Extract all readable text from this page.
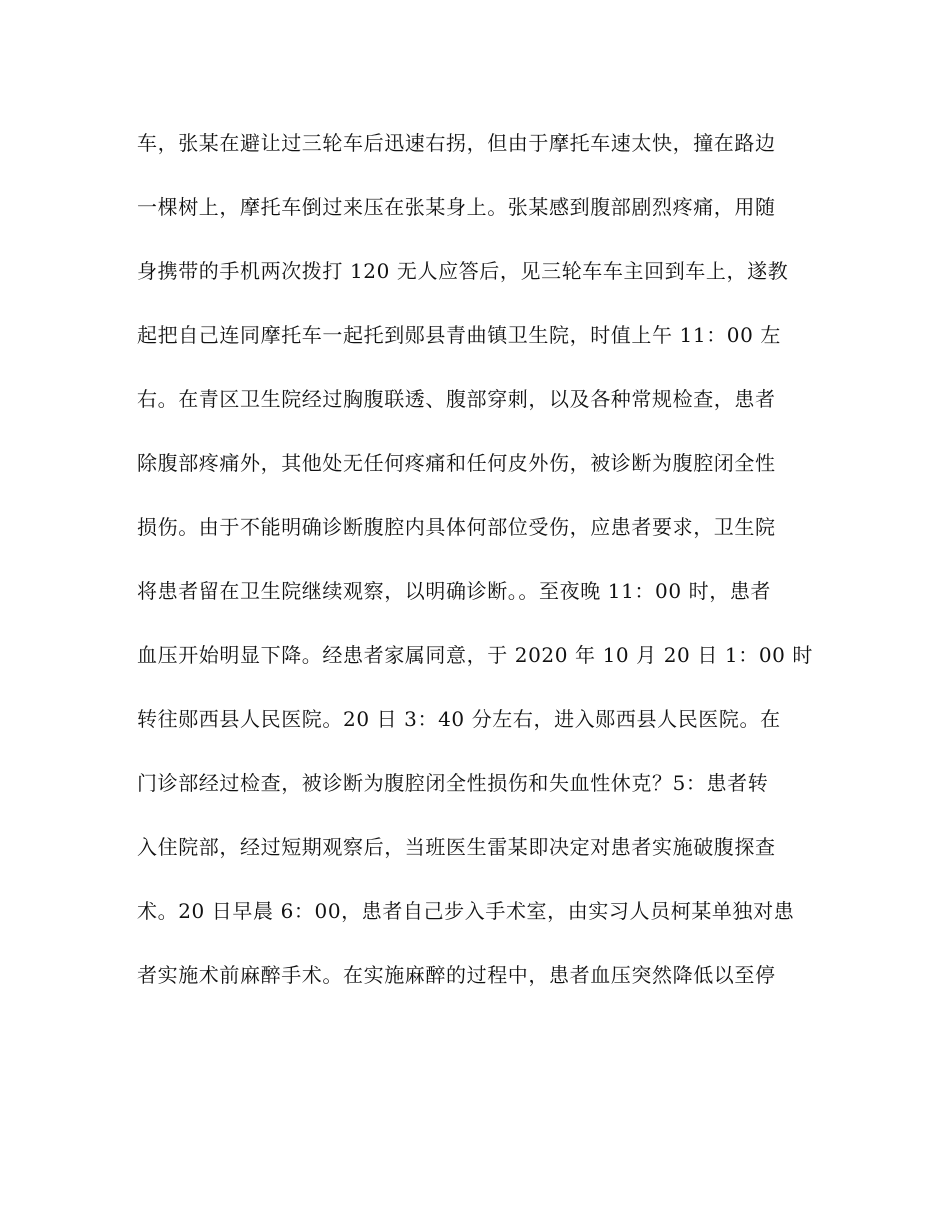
车，张某在避让过三轮车后迅速右拐，但由于摩托车速太快，撞在路边
一棵树上，摩托车倒过来压在张某身上。张某感到腹部剧烈疼痛，用随
身携带的手机两次拨打 120 无人应答后，见三轮车车主回到车上，遂教
起把自己连同摩托车一起托到郧县青曲镇卫生院，时值上午 11：00 左
右。在青区卫生院经过胸腹联透、腹部穿刺，以及各种常规检查，患者
除腹部疼痛外，其他处无任何疼痛和任何皮外伤，被诊断为腹腔闭全性
损伤。由于不能明确诊断腹腔内具体何部位受伤，应患者要求，卫生院
将患者留在卫生院继续观察，以明确诊断。。至夜晚 11：00 时，患者
血压开始明显下降。经患者家属同意，于 2020 年 10 月 20 日 1：00 时
转往郧西县人民医院。20 日 3：40 分左右，进入郧西县人民医院。在
门诊部经过检查，被诊断为腹腔闭全性损伤和失血性休克？5：患者转
入住院部，经过短期观察后，当班医生雷某即决定对患者实施破腹探查
术。20 日早晨 6：00，患者自己步入手术室，由实习人员柯某单独对患
者实施术前麻醉手术。在实施麻醉的过程中，患者血压突然降低以至停
